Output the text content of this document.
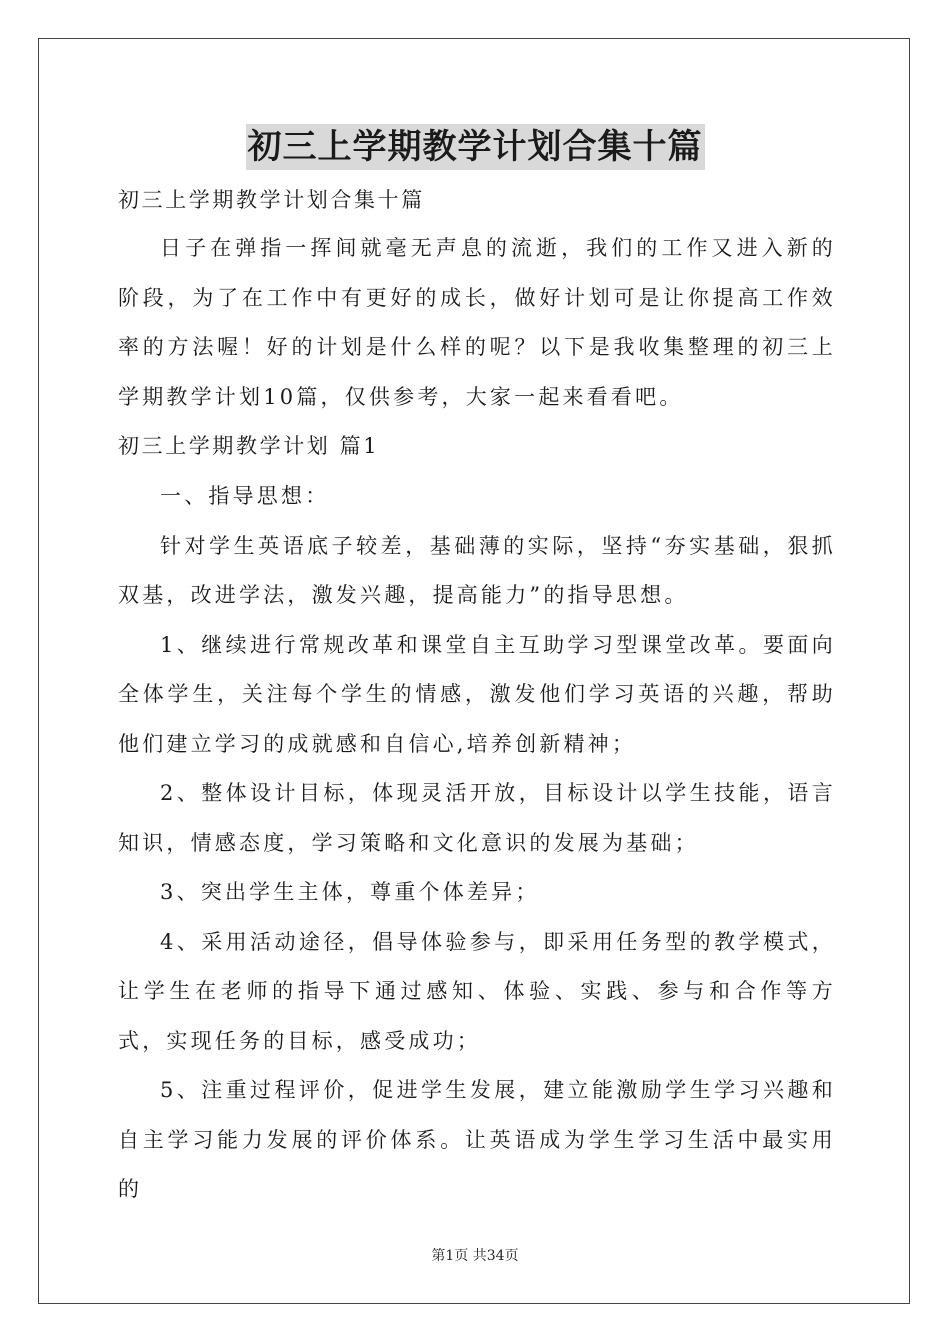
初三上学期教学计划合集十篇
初三上学期教学计划合集十篇

日子在弹指一挥间就毫无声息的流逝，我们的工作又进入新的阶段，为了在工作中有更好的成长，做好计划可是让你提高工作效率的方法喔！好的计划是什么样的呢？以下是我收集整理的初三上学期教学计划10篇，仅供参考，大家一起来看看吧。

初三上学期教学计划 篇1

一、指导思想：

针对学生英语底子较差，基础薄的实际，坚持“夯实基础，狠抓双基，改进学法，激发兴趣，提高能力”的指导思想。

1、继续进行常规改革和课堂自主互助学习型课堂改革。要面向全体学生，关注每个学生的情感，激发他们学习英语的兴趣，帮助他们建立学习的成就感和自信心,培养创新精神；

2、整体设计目标，体现灵活开放，目标设计以学生技能，语言知识，情感态度，学习策略和文化意识的发展为基础；

3、突出学生主体，尊重个体差异；

4、采用活动途径，倡导体验参与，即采用任务型的教学模式，让学生在老师的指导下通过感知、体验、实践、参与和合作等方式，实现任务的目标，感受成功；

5、注重过程评价，促进学生发展，建立能激励学生学习兴趣和自主学习能力发展的评价体系。让英语成为学生学习生活中最实用的

第1页 共34页
